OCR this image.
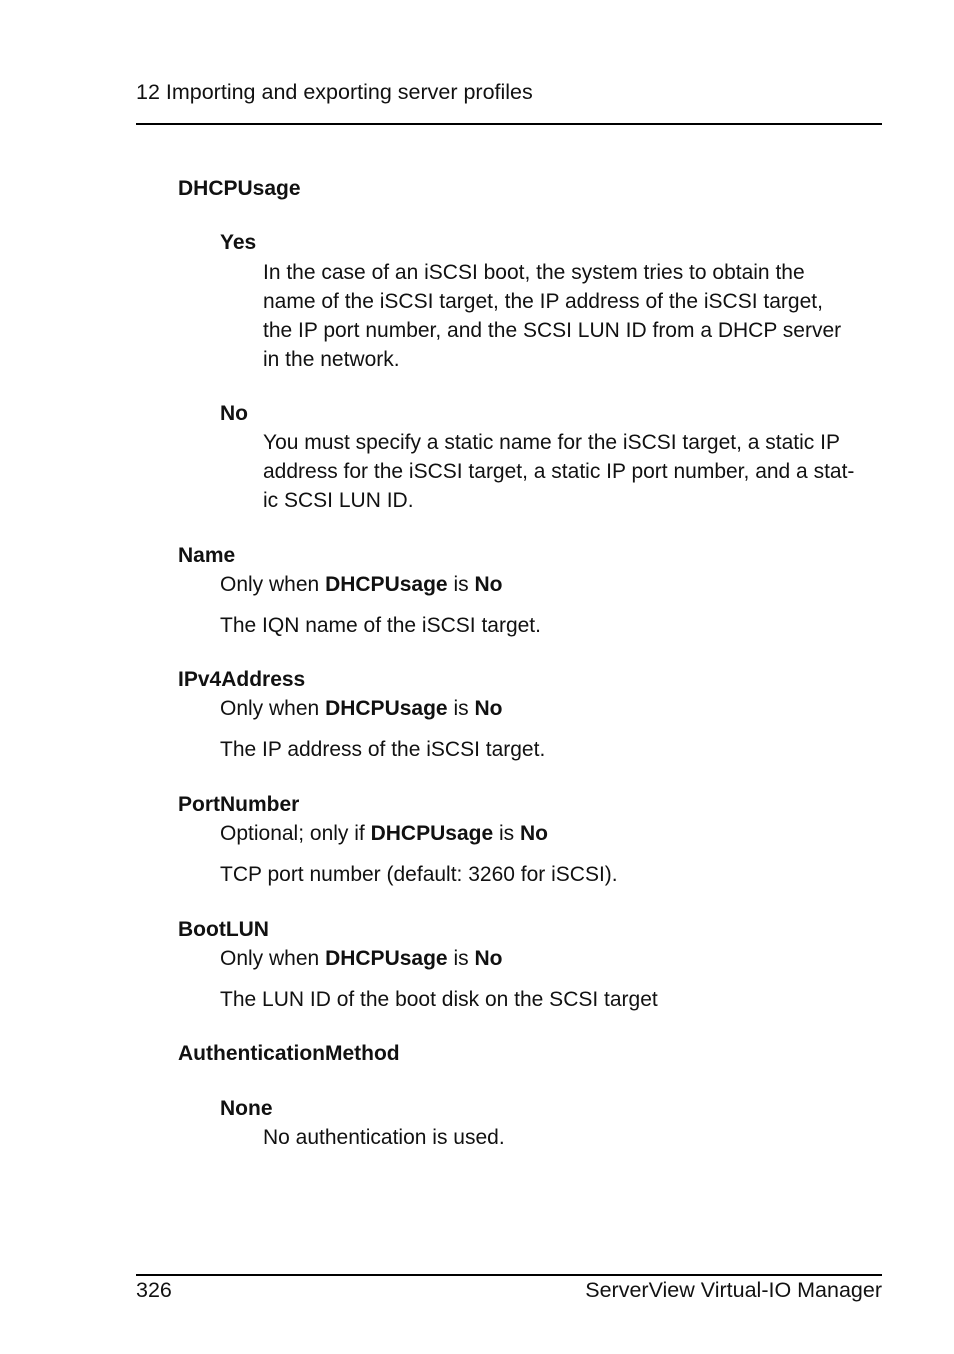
12 Importing and exporting server profiles
DHCPUsage
Yes
In the case of an iSCSI boot, the system tries to obtain the
name of the iSCSI target, the IP address of the iSCSI target,
the IP port number, and the SCSI LUN ID from a DHCP server
in the network.
No
You must specify a static name for the iSCSI target, a static IP
address for the iSCSI target, a static IP port number, and a stat-
ic SCSI LUN ID.
Name
Only when DHCPUsage is No
The IQN name of the iSCSI target.
IPv4Address
Only when DHCPUsage is No
The IP address of the iSCSI target.
PortNumber
Optional; only if DHCPUsage is No
TCP port number (default: 3260 for iSCSI).
BootLUN
Only when DHCPUsage is No
The LUN ID of the boot disk on the SCSI target
AuthenticationMethod
None
No authentication is used.
326	ServerView Virtual-IO Manager
